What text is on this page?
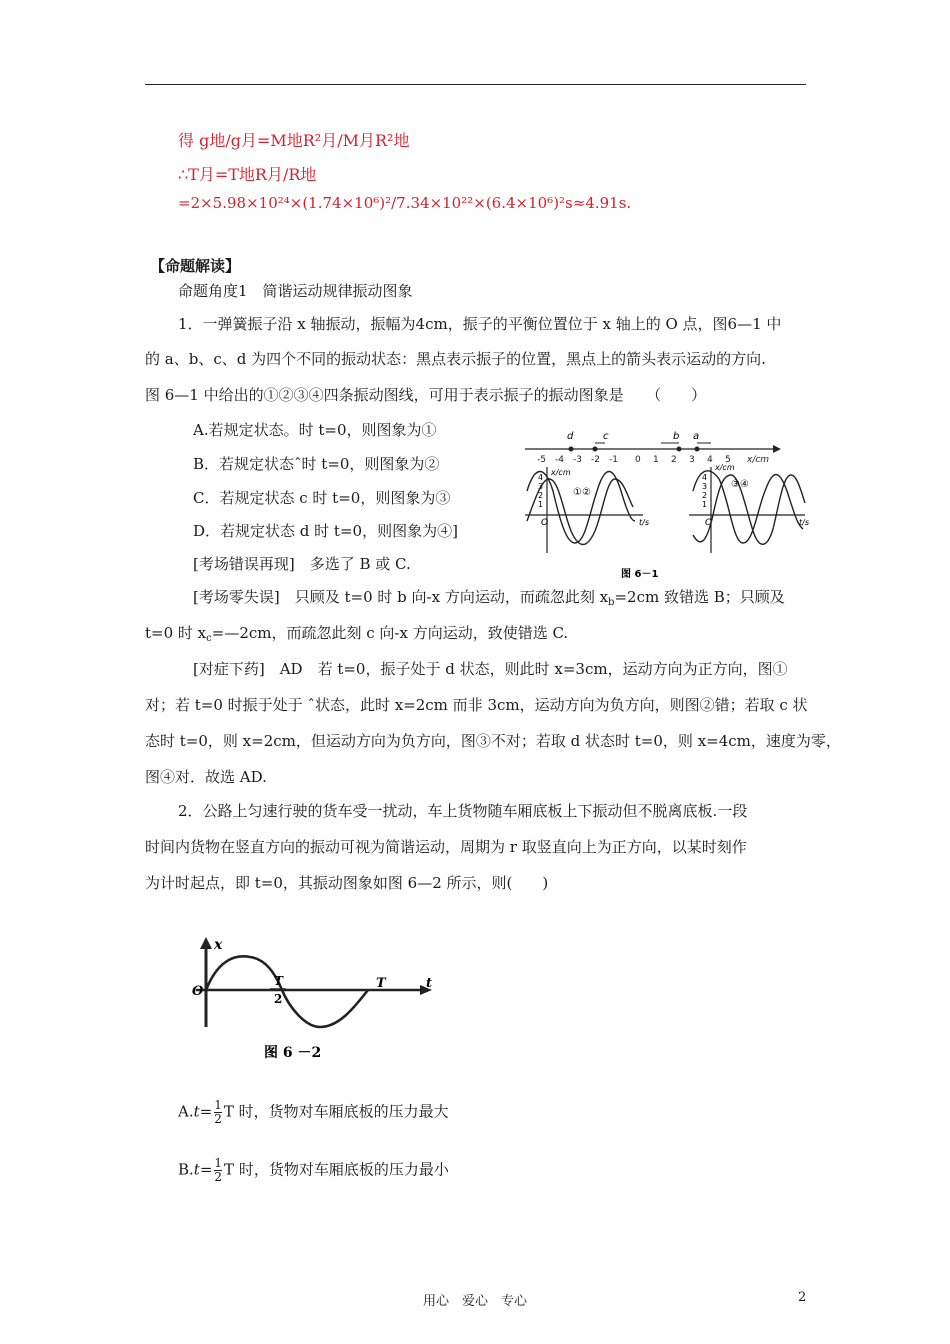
得 g地/g月=M地R²月/M月R²地
∴T月=T地R月/R地
=2×5.98×10²⁴×(1.74×10⁶)²/7.34×10²²×(6.4×10⁶)²s≈4.91s.
【命题解读】
命题角度1　简谐运动规律振动图象
1．一弹簧振子沿 x 轴振动，振幅为4cm，振子的平衡位置位于 x 轴上的 O 点，图6—1 中
的 a、b、c、d 为四个不同的振动状态：黑点表示振子的位置，黑点上的箭头表示运动的方向.
图 6—1 中给出的①②③④四条振动图线，可用于表示振子的振动图象是　　（　　）
A.若规定状态。时 t=0，则图象为①
B．若规定状态ˆ时 t=0，则图象为②
C．若规定状态 c 时 t=0，则图象为③
D．若规定状态 d 时 t=0，则图象为④]
[考场错误再现]　多选了 B 或 C.
[考场零失误]　只顾及 t=0 时 b 向-x 方向运动，而疏忽此刻 $x_b=2cm$ 致错选 B；只顾及
t=0 时 $x_c=—2cm$，而疏忽此刻 c 向-x 方向运动，致使错选 C.
[对症下药]　AD　若 t=0，振子处于 d 状态，则此时 x=3cm，运动方向为正方向，图①
对；若 t=0 时振于处于 ˆ状态，此时 x=2cm 而非 3cm，运动方向为负方向，则图②错；若取 c 状
态时 t=0，则 x=2cm，但运动方向为负方向，图③不对；若取 d 状态时 t=0，则 x=4cm，速度为零，
图④对．故选 AD.
-5 -4 -3 -2 -1 0 1 2 3 4 5 x/cm
d	c	b a
x/cm
4
3
2
1
O	t/s
①②
x/cm
4
3
2
1
O	t/s
③④
图 6－1
2．公路上匀速行驶的货车受一扰动，车上货物随车厢底板上下振动但不脱离底板.一段
时间内货物在竖直方向的振动可视为简谐运动，周期为 r 取竖直向上为正方向，以某时刻作
为计时起点，即 t=0，其振动图象如图 6—2 所示，则(　　)
x
O
T
2
T	t
图 6 －2
$A.t= \frac{1}{2}$ T 时，货物对车厢底板的压力最大
$B.t= \frac{1}{2}$ T 时，货物对车厢底板的压力最小
用心　爱心　专心	2
